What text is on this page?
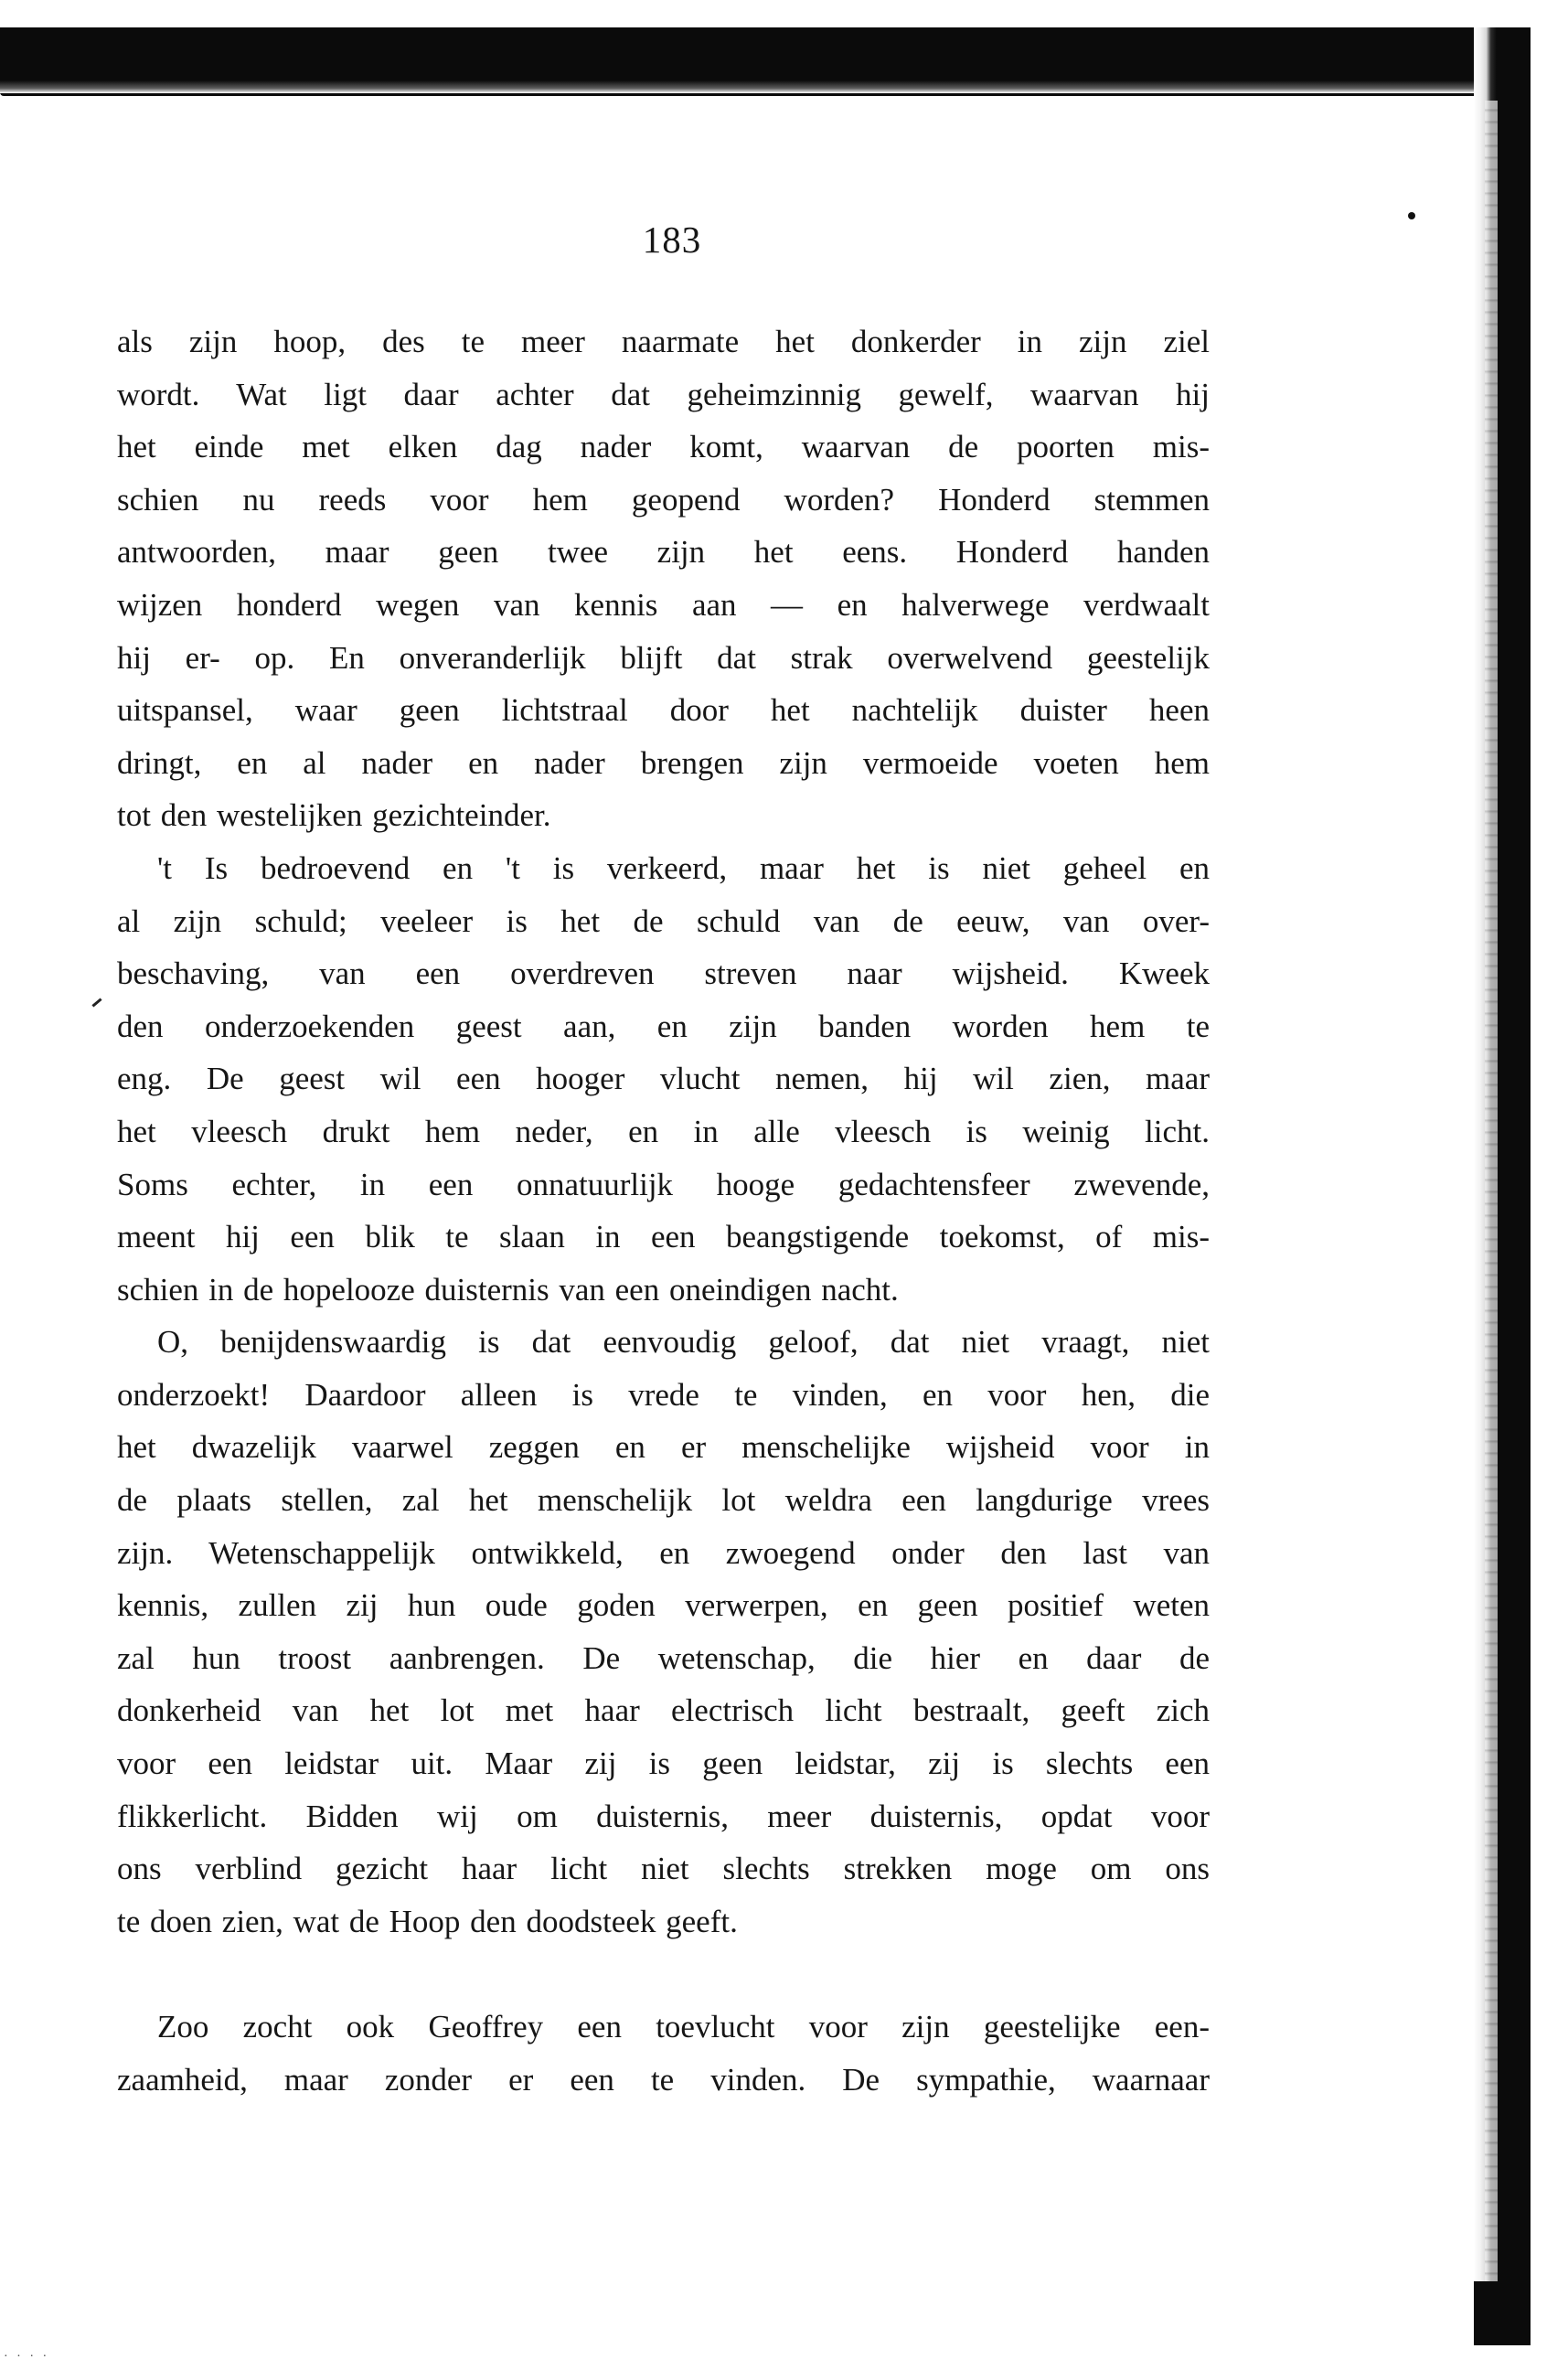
183
als zijn hoop, des te meer naarmate het donkerder in zijn ziel
wordt. Wat ligt daar achter dat geheimzinnig gewelf, waarvan hij
het einde met elken dag nader komt, waarvan de poorten mis-
schien nu reeds voor hem geopend worden? Honderd stemmen
antwoorden, maar geen twee zijn het eens. Honderd handen
wijzen honderd wegen van kennis aan — en halverwege verdwaalt
hij er- op. En onveranderlijk blijft dat strak overwelvend geestelijk
uitspansel, waar geen lichtstraal door het nachtelijk duister heen
dringt, en al nader en nader brengen zijn vermoeide voeten hem
tot den westelijken gezichteinder.
't Is bedroevend en 't is verkeerd, maar het is niet geheel en
al zijn schuld; veeleer is het de schuld van de eeuw, van over-
beschaving, van een overdreven streven naar wijsheid. Kweek
den onderzoekenden geest aan, en zijn banden worden hem te
eng. De geest wil een hooger vlucht nemen, hij wil zien, maar
het vleesch drukt hem neder, en in alle vleesch is weinig licht.
Soms echter, in een onnatuurlijk hooge gedachtensfeer zwevende,
meent hij een blik te slaan in een beangstigende toekomst, of mis-
schien in de hopelooze duisternis van een oneindigen nacht.
O, benijdenswaardig is dat eenvoudig geloof, dat niet vraagt, niet
onderzoekt! Daardoor alleen is vrede te vinden, en voor hen, die
het dwazelijk vaarwel zeggen en er menschelijke wijsheid voor in
de plaats stellen, zal het menschelijk lot weldra een langdurige vrees
zijn. Wetenschappelijk ontwikkeld, en zwoegend onder den last van
kennis, zullen zij hun oude goden verwerpen, en geen positief weten
zal hun troost aanbrengen. De wetenschap, die hier en daar de
donkerheid van het lot met haar electrisch licht bestraalt, geeft zich
voor een leidstar uit. Maar zij is geen leidstar, zij is slechts een
flikkerlicht. Bidden wij om duisternis, meer duisternis, opdat voor
ons verblind gezicht haar licht niet slechts strekken moge om ons
te doen zien, wat de Hoop den doodsteek geeft.
Zoo zocht ook Geoffrey een toevlucht voor zijn geestelijke een-
zaamheid, maar zonder er een te vinden. De sympathie, waarnaar
· · · ·
